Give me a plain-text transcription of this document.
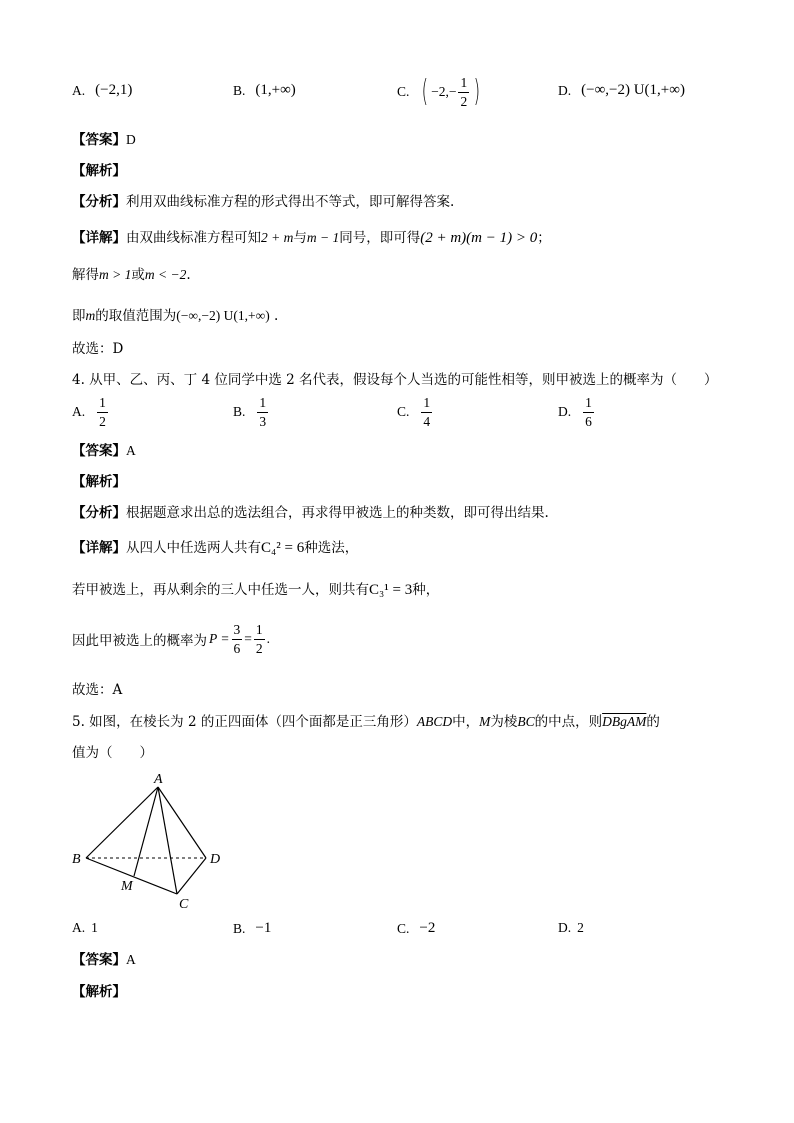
A. (−2,1)	B. (1,+∞)	C. ( $-2,- \frac{1}{2}$ )	D. (−∞,−2) U(1,+∞)
【答案】D
【解析】
【分析】利用双曲线标准方程的形式得出不等式，即可解得答案.
【详解】由双曲线标准方程可知2 + m与m − 1同号，即可得(2 + m)(m − 1) > 0；
解得m > 1或m < −2.
即m的取值范围为(−∞,−2) U(1,+∞) .
故选：D
4. 从甲、乙、丙、丁 4 位同学中选 2 名代表，假设每个人当选的可能性相等，则甲被选上的概率为（　　）
A. $\frac{1}{2}$	B. $\frac{1}{3}$	C. $\frac{1}{4}$	D. $\frac{1}{6}$
【答案】A
【解析】
【分析】根据题意求出总的选法组合，再求得甲被选上的种类数，即可得出结果.
【详解】从四人中任选两人共有C₄² = 6种选法，
若甲被选上，再从剩余的三人中任选一人，则共有C₃¹ = 3种，
因此甲被选上的概率为 $P = \frac{3}{6} = \frac{1}{2}$ .
故选：A
5. 如图，在棱长为 2 的正四面体（四个面都是正三角形）ABCD中，M为棱BC的中点，则DBgAM的
值为（　　）
A
B
C
D
M
A. 1	B. −1	C. −2	D. 2
【答案】A
【解析】
